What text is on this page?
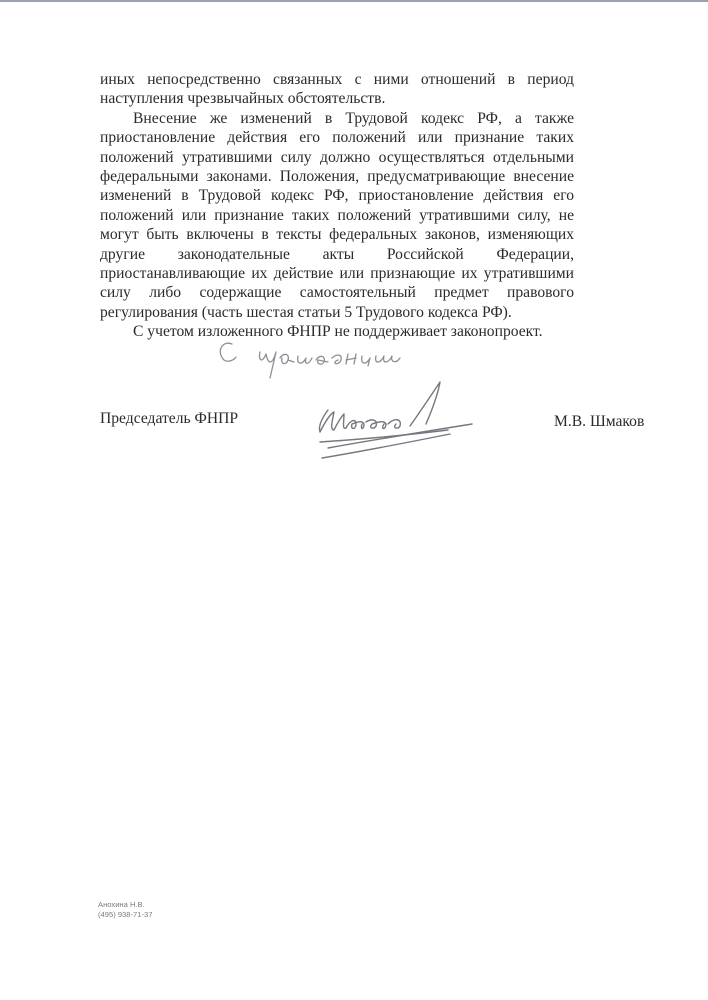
иных непосредственно связанных с ними отношений в период наступления чрезвычайных обстоятельств.

Внесение же изменений в Трудовой кодекс РФ, а также приостановление действия его положений или признание таких положений утратившими силу должно осуществляться отдельными федеральными законами. Положения, предусматривающие внесение изменений в Трудовой кодекс РФ, приостановление действия его положений или признание таких положений утратившими силу, не могут быть включены в тексты федеральных законов, изменяющих другие законодательные акты Российской Федерации, приостанавливающие их действие или признающие их утратившими силу либо содержащие самостоятельный предмет правового регулирования (часть шестая статьи 5 Трудового кодекса РФ).

С учетом изложенного ФНПР не поддерживает законопроект.

Председатель ФНПР	М.В. Шмаков
Анохина Н.В.
(495) 938-71-37
